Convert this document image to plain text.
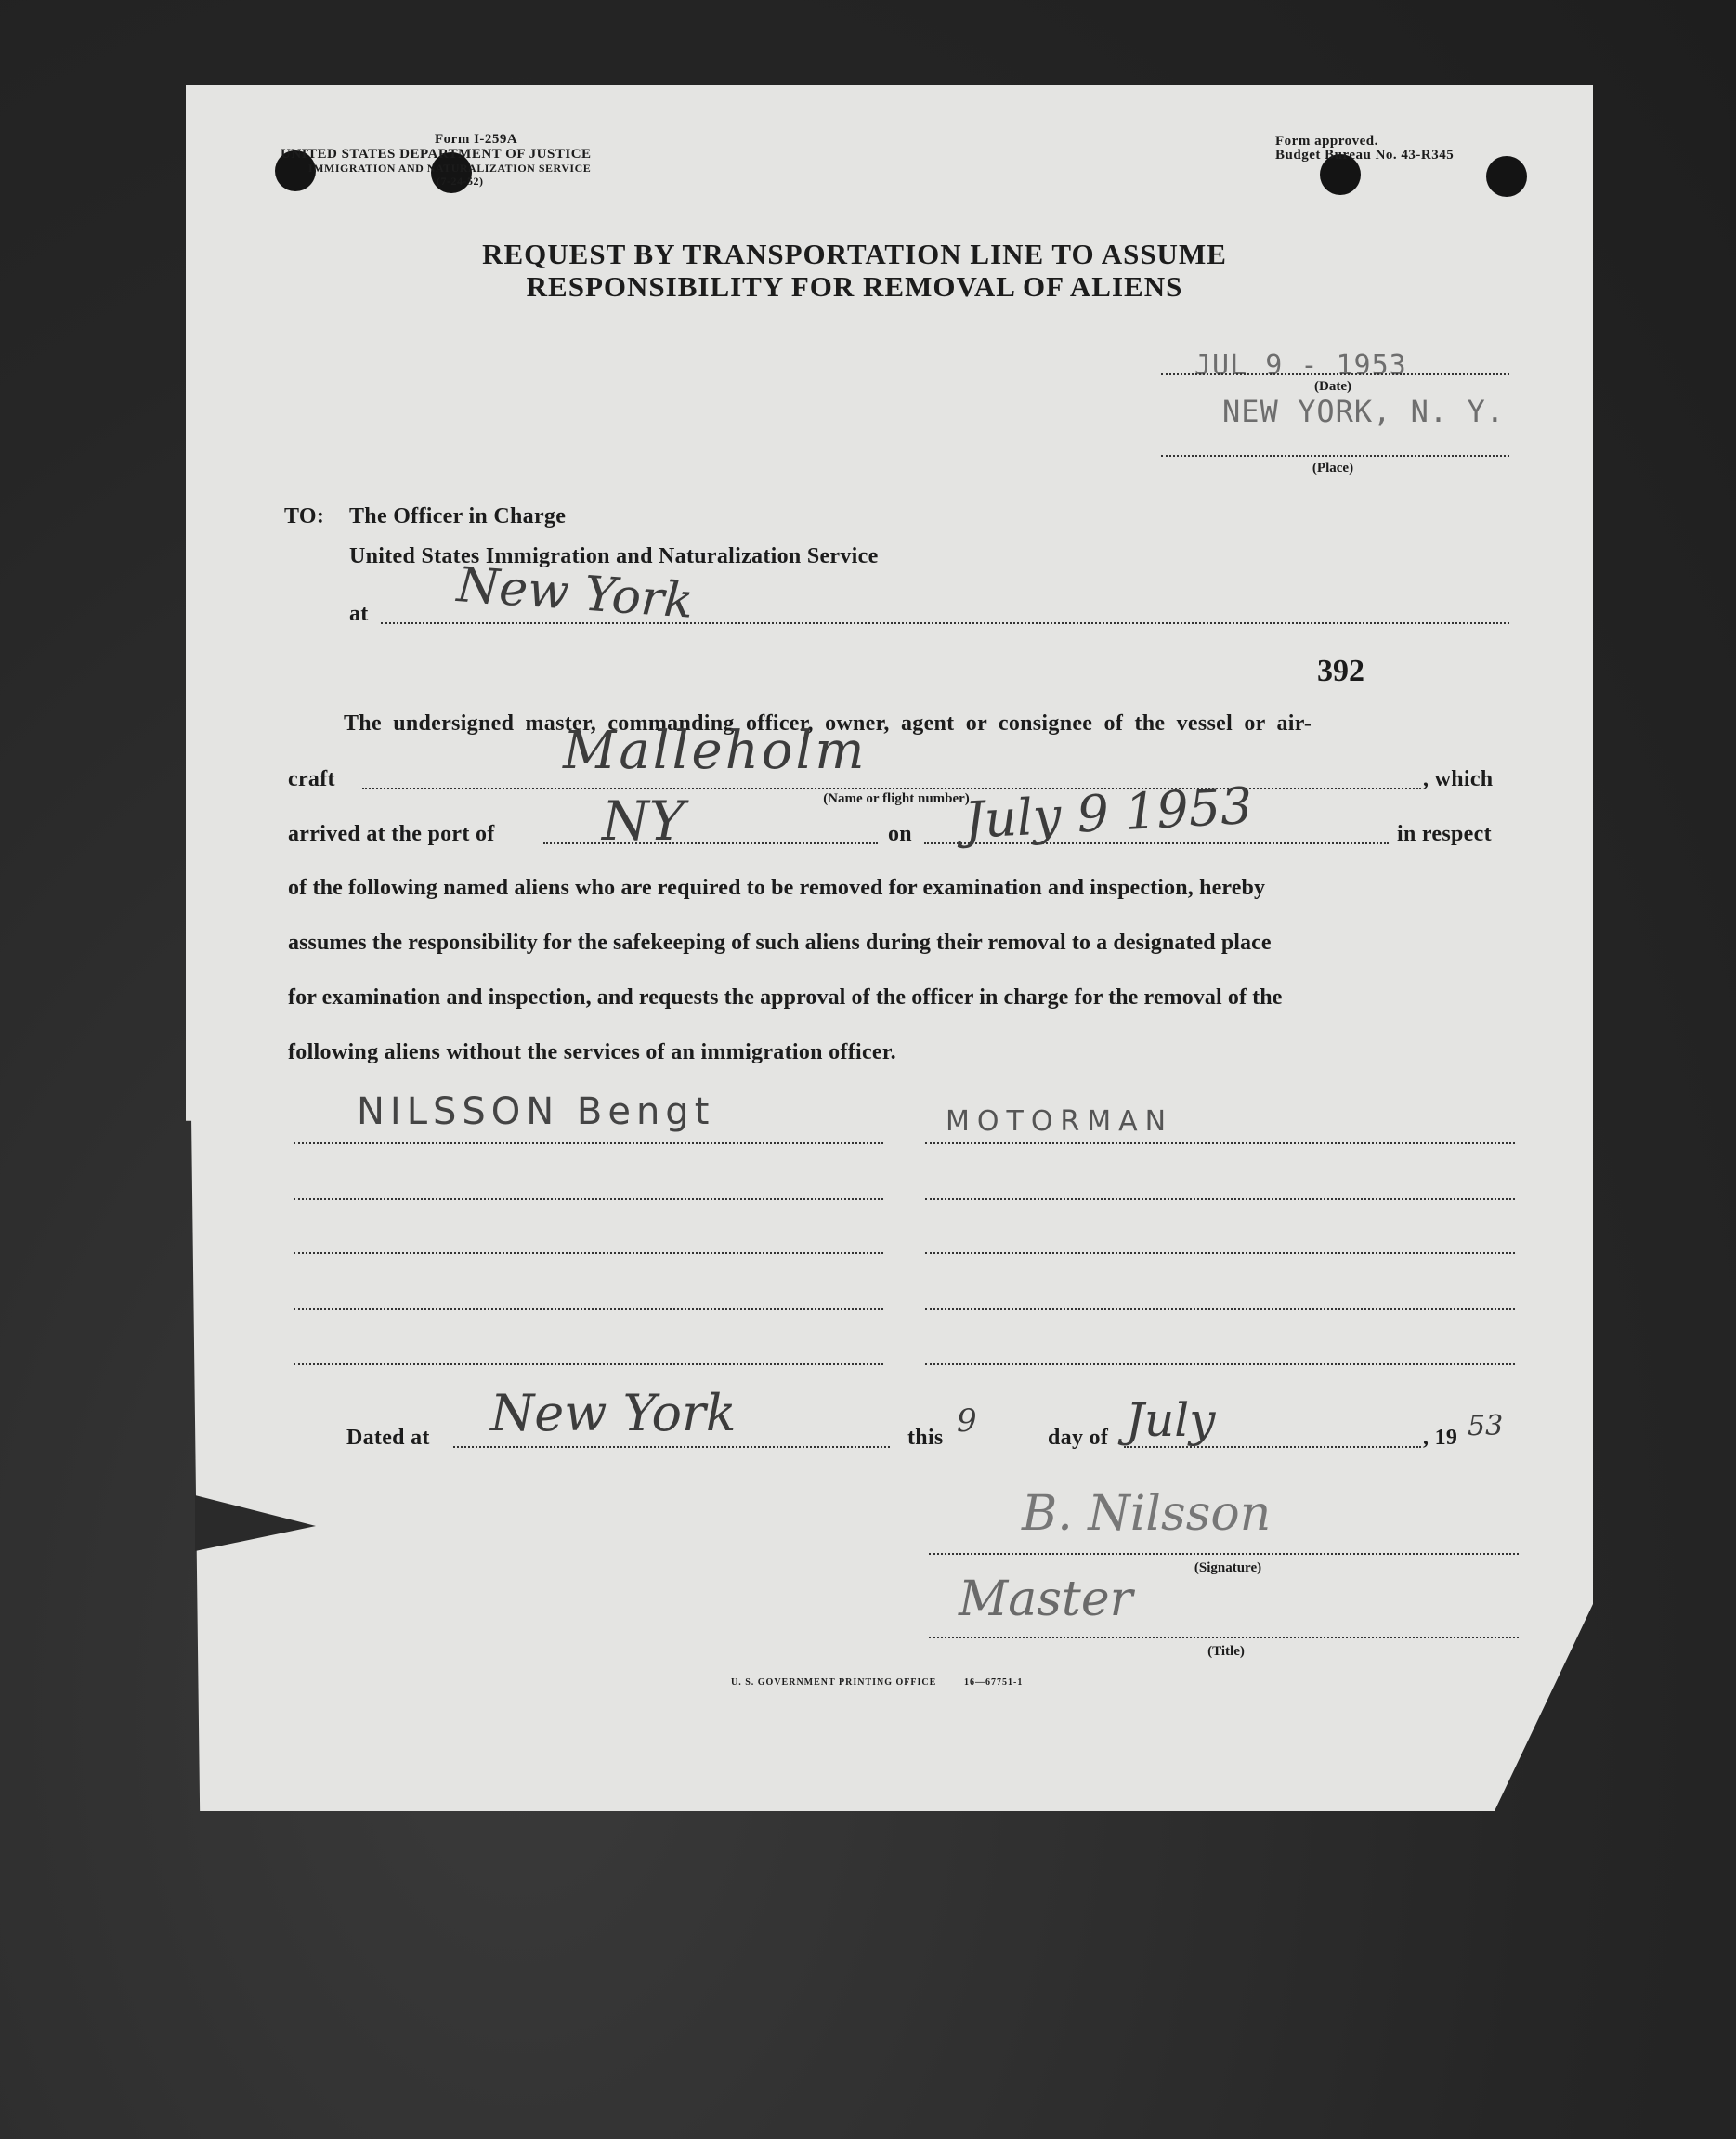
Form I-259A
UNITED STATES DEPARTMENT OF JUSTICE
IMMIGRATION AND NATURALIZATION SERVICE
(7-24-52)
Form approved.
Budget Bureau No. 43-R345
REQUEST BY TRANSPORTATION LINE TO ASSUME
RESPONSIBILITY FOR REMOVAL OF ALIENS
JUL 9 - 1953
(Date)
NEW YORK, N. Y.
(Place)
TO: The Officer in Charge
United States Immigration and Naturalization Service
at New York
392
The undersigned master, commanding officer, owner, agent or consignee of the vessel or air-
craft	Malleholm
(Name or flight number)
, which
arrived at the port of NY	on July 9 1953	in respect
of the following named aliens who are required to be removed for examination and inspection, hereby
assumes the responsibility for the safekeeping of such aliens during their removal to a designated place
for examination and inspection, and requests the approval of the officer in charge for the removal of the
following aliens without the services of an immigration officer.
NILSSON Bengt	MOTORMAN
Dated at New York	this 9	day of July	, 19 53
B. Nilsson
(Signature)
Master
(Title)
U. S. GOVERNMENT PRINTING OFFICE	16—67751-1
